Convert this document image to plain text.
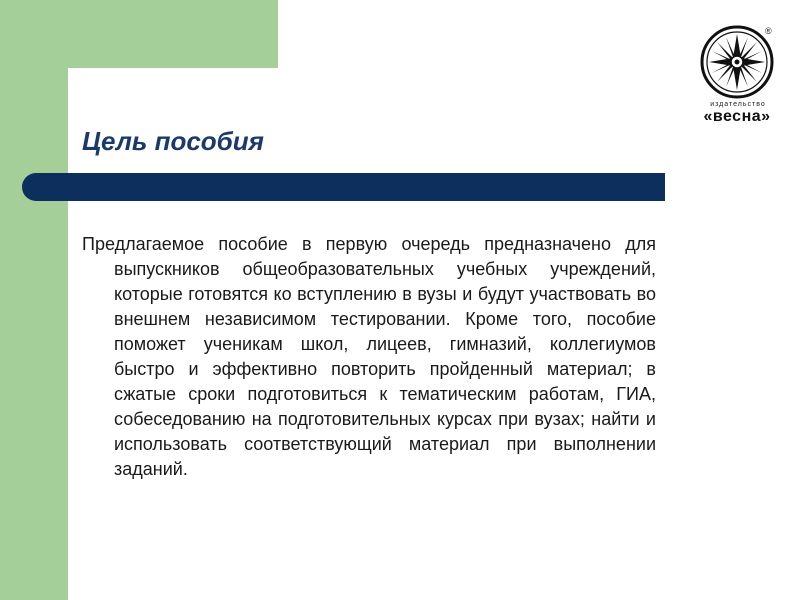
Цель пособия

Предлагаемое пособие в первую очередь предназначено для выпускников общеобразовательных учебных учреждений, которые готовятся ко вступлению в вузы и будут участвовать во внешнем независимом тестировании. Кроме того, пособие поможет ученикам школ, лицеев, гимназий, коллегиумов быстро и эффективно повторить пройденный материал; в сжатые сроки подготовиться к тематическим работам, ГИА, собеседованию на подготовительных курсах при вузах; найти и использовать соответствующий материал при выполнении заданий.

®
издательство
«весна»
